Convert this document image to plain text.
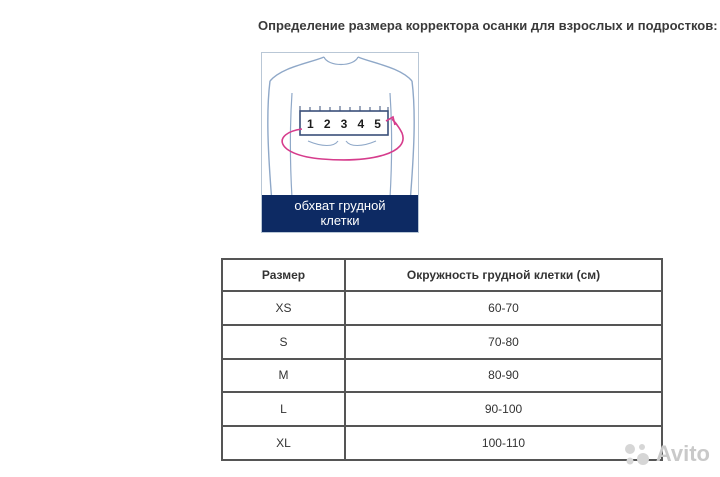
Определение размера корректора осанки для взрослых и подростков:
1 2 3 4 5
обхват грудной
клетки
Размер	Окружность грудной клетки (см)
XS	60-70
S	70-80
M	80-90
L	90-100
XL	100-110	Avito
